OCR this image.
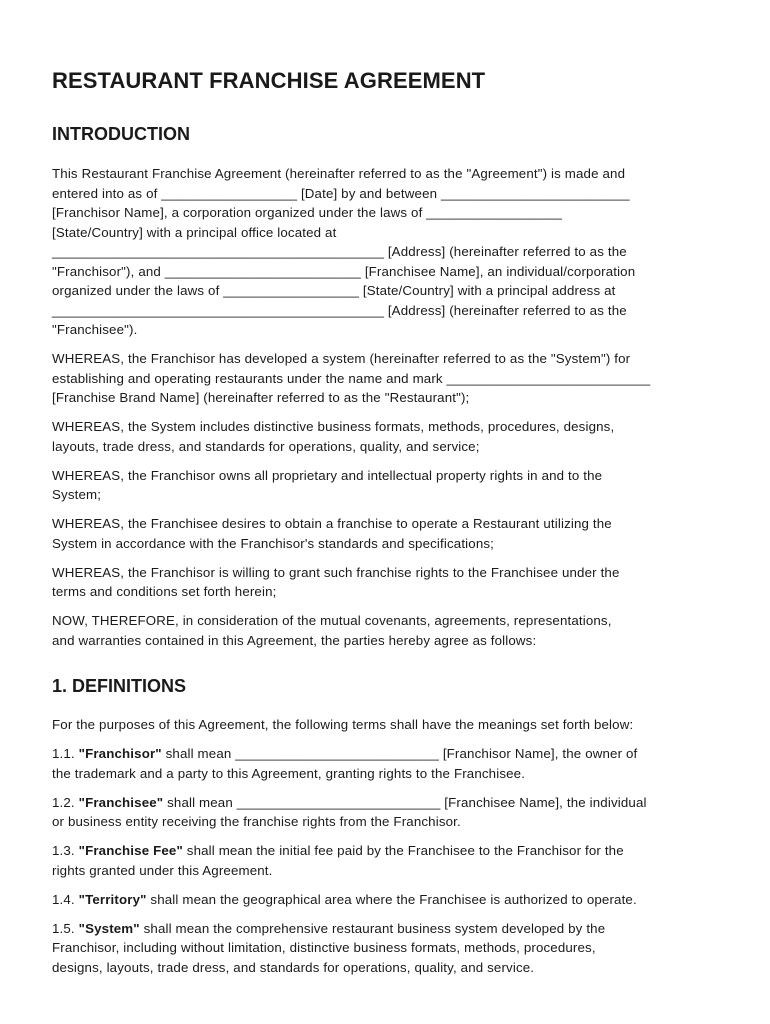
RESTAURANT FRANCHISE AGREEMENT
INTRODUCTION

This Restaurant Franchise Agreement (hereinafter referred to as the "Agreement") is made and
entered into as of __________________ [Date] by and between _________________________
[Franchisor Name], a corporation organized under the laws of __________________
[State/Country] with a principal office located at
____________________________________________ [Address] (hereinafter referred to as the
"Franchisor"), and __________________________ [Franchisee Name], an individual/corporation
organized under the laws of __________________ [State/Country] with a principal address at
____________________________________________ [Address] (hereinafter referred to as the
"Franchisee").

WHEREAS, the Franchisor has developed a system (hereinafter referred to as the "System") for
establishing and operating restaurants under the name and mark ___________________________
[Franchise Brand Name] (hereinafter referred to as the "Restaurant");

WHEREAS, the System includes distinctive business formats, methods, procedures, designs,
layouts, trade dress, and standards for operations, quality, and service;

WHEREAS, the Franchisor owns all proprietary and intellectual property rights in and to the
System;

WHEREAS, the Franchisee desires to obtain a franchise to operate a Restaurant utilizing the
System in accordance with the Franchisor's standards and specifications;

WHEREAS, the Franchisor is willing to grant such franchise rights to the Franchisee under the
terms and conditions set forth herein;

NOW, THEREFORE, in consideration of the mutual covenants, agreements, representations,
and warranties contained in this Agreement, the parties hereby agree as follows:

1. DEFINITIONS

For the purposes of this Agreement, the following terms shall have the meanings set forth below:

1.1. "Franchisor" shall mean ___________________________ [Franchisor Name], the owner of
the trademark and a party to this Agreement, granting rights to the Franchisee.

1.2. "Franchisee" shall mean ___________________________ [Franchisee Name], the individual
or business entity receiving the franchise rights from the Franchisor.

1.3. "Franchise Fee" shall mean the initial fee paid by the Franchisee to the Franchisor for the
rights granted under this Agreement.

1.4. "Territory" shall mean the geographical area where the Franchisee is authorized to operate.

1.5. "System" shall mean the comprehensive restaurant business system developed by the
Franchisor, including without limitation, distinctive business formats, methods, procedures,
designs, layouts, trade dress, and standards for operations, quality, and service.
